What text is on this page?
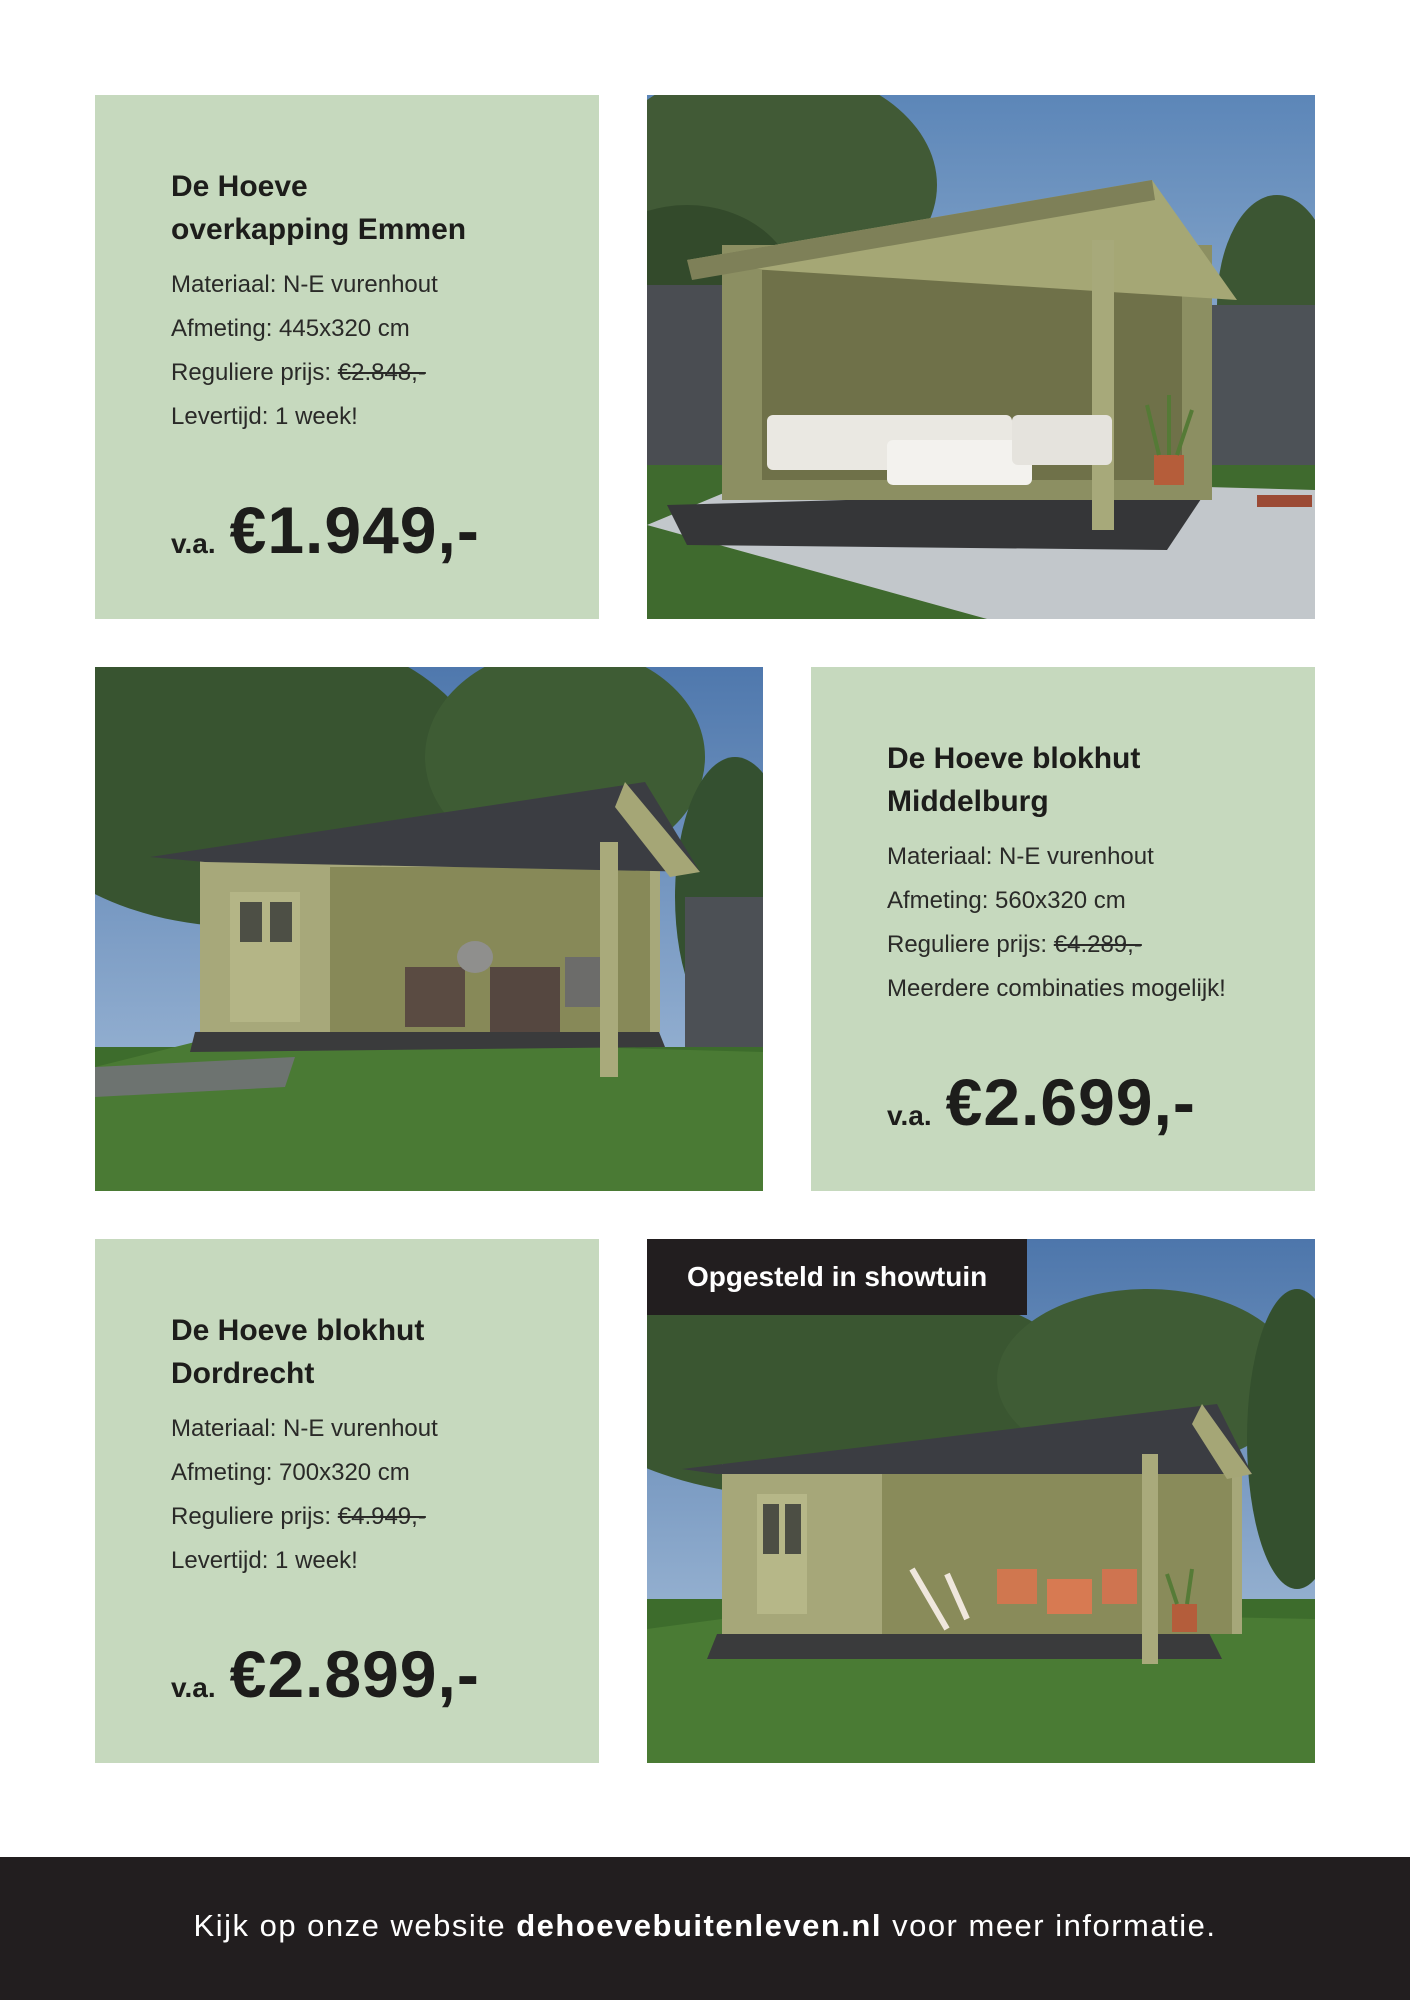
De Hoeve
overkapping Emmen
Materiaal: N-E vurenhout
Afmeting: 445x320 cm
Reguliere prijs: €2.848,-
Levertijd: 1 week!
v.a. €1.949,-
De Hoeve blokhut
Middelburg
Materiaal: N-E vurenhout
Afmeting: 560x320 cm
Reguliere prijs: €4.289,-
Meerdere combinaties mogelijk!
v.a. €2.699,-
De Hoeve blokhut
Dordrecht
Materiaal: N-E vurenhout
Afmeting: 700x320 cm
Reguliere prijs: €4.949,-
Levertijd: 1 week!
v.a. €2.899,-
Opgesteld in showtuin
Kijk op onze website
dehoevebuitenleven.nl
voor meer informatie.
